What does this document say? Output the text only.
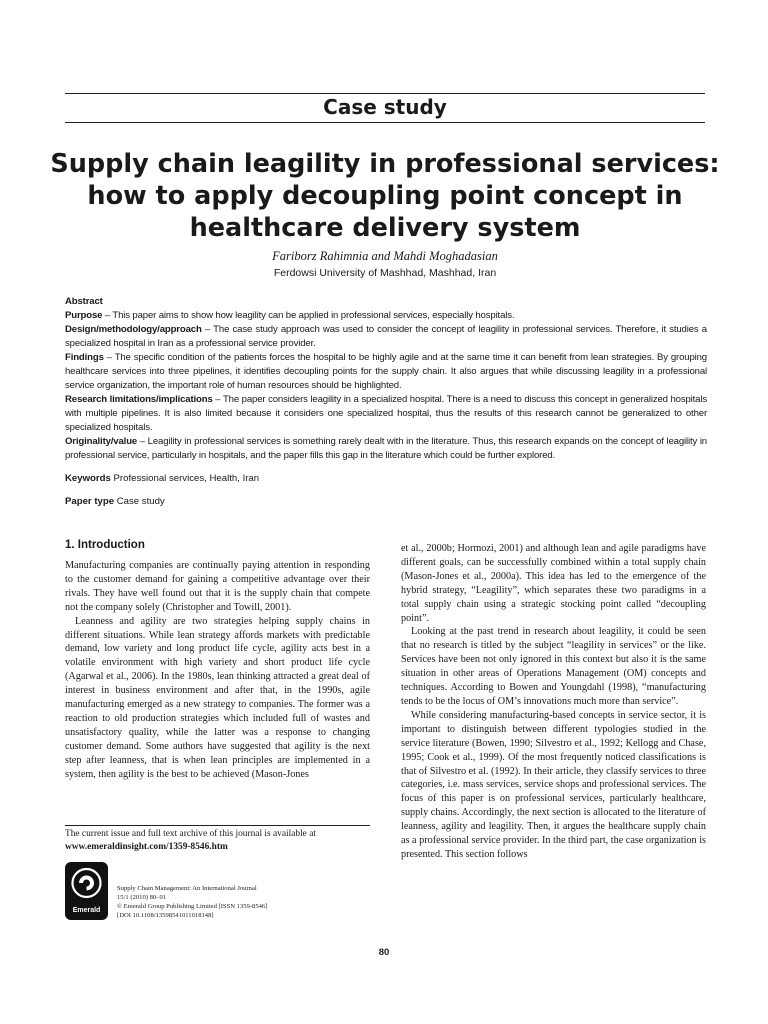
Case study
Supply chain leagility in professional services:
how to apply decoupling point concept in
healthcare delivery system
Fariborz Rahimnia and Mahdi Moghadasian
Ferdowsi University of Mashhad, Mashhad, Iran
Abstract

Purpose – This paper aims to show how leagility can be applied in professional services, especially hospitals.

Design/methodology/approach – The case study approach was used to consider the concept of leagility in professional services. Therefore, it studies a specialized hospital in Iran as a professional service provider.

Findings – The specific condition of the patients forces the hospital to be highly agile and at the same time it can benefit from lean strategies. By grouping healthcare services into three pipelines, it identifies decoupling points for the supply chain. It also argues that while discussing leagility in a professional service organization, the important role of human resources should be highlighted.

Research limitations/implications – The paper considers leagility in a specialized hospital. There is a need to discuss this concept in generalized hospitals with multiple pipelines. It is also limited because it considers one specialized hospital, thus the results of this research cannot be generalized to other specialized hospitals.

Originality/value – Leagility in professional services is something rarely dealt with in the literature. Thus, this research expands on the concept of leagility in professional service, particularly in hospitals, and the paper fills this gap in the literature which could be further explored.

Keywords Professional services, Health, Iran
Paper type Case study
1. Introduction

Manufacturing companies are continually paying attention in responding to the customer demand for gaining a competitive advantage over their rivals. They have well found out that it is the supply chain that compete not the company solely (Christopher and Towill, 2001).

Leanness and agility are two strategies helping supply chains in different situations. While lean strategy affords markets with predictable demand, low variety and long product life cycle, agility acts best in a volatile environment with high variety and short product life cycle (Agarwal et al., 2006). In the 1980s, lean thinking attracted a great deal of interest in business environment and after that, in the 1990s, agile manufacturing emerged as a new strategy to companies. The former was a reaction to old production strategies which included full of wastes and unsatisfactory quality, while the latter was a response to changing customer demand. Some authors have suggested that agility is the next step after leanness, that is when lean principles are implemented in a system, then agility is the best to be achieved (Mason-Jones

et al., 2000b; Hormozi, 2001) and although lean and agile paradigms have different goals, can be successfully combined within a total supply chain (Mason-Jones et al., 2000a). This idea has led to the emergence of the hybrid strategy, “Leagility”, which separates these two paradigms in a total supply chain using a strategic stocking point called “decoupling point”.

Looking at the past trend in research about leagility, it could be seen that no research is titled by the subject “leagility in services” or the like. Services have been not only ignored in this context but also it is the same situation in other areas of Operations Management (OM) concepts and techniques. According to Bowen and Youngdahl (1998), “manufacturing tends to be the locus of OM’s innovations much more than service”.

While considering manufacturing-based concepts in service sector, it is important to distinguish between different typologies studied in the service literature (Bowen, 1990; Silvestro et al., 1992; Kellogg and Chase, 1995; Cook et al., 1999). Of the most frequently noticed classifications is that of Silvestro et al. (1992). In their article, they classify services to three categories, i.e. mass services, service shops and professional services. The focus of this paper is on professional services, particularly healthcare, supply chains. Accordingly, the next section is allocated to the literature of leanness, agility and leagility. Then, it argues the healthcare supply chain as a professional service provider. In the third part, the case organization is presented. This section follows

The current issue and full text archive of this journal is available at
www.emeraldinsight.com/1359-8546.htm
Emerald
Supply Chain Management: An International Journal
15/1 (2010) 80–91
© Emerald Group Publishing Limited [ISSN 1359-8546]
[DOI 10.1108/13598541011018148]
80
